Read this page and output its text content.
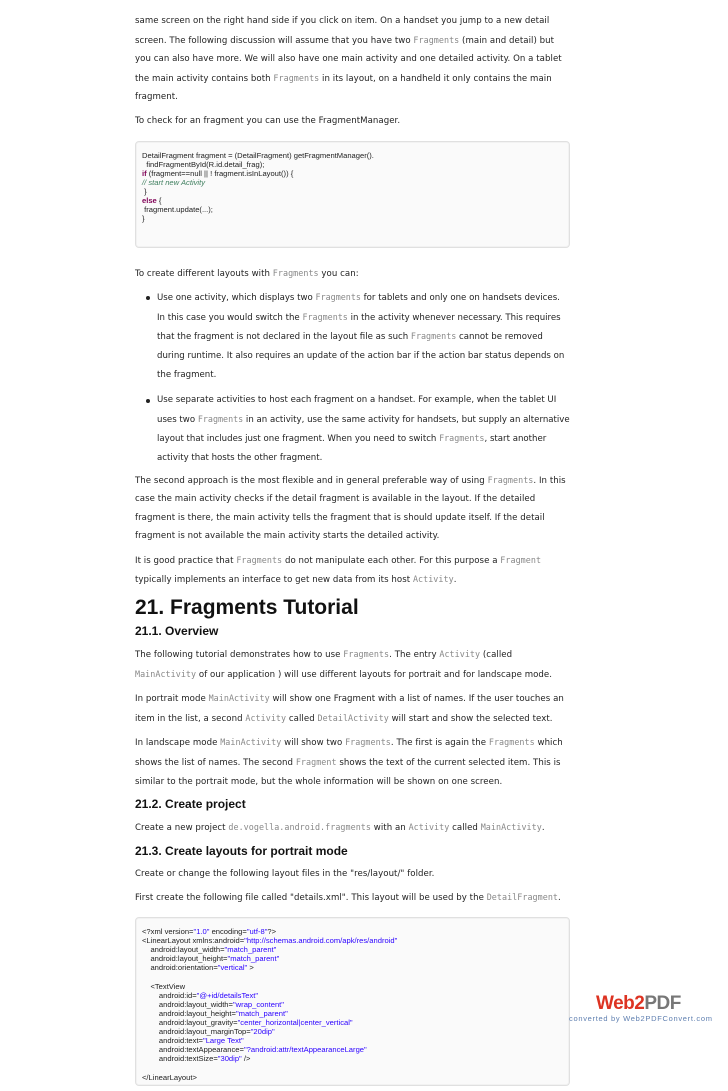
same screen on the right hand side if you click on item. On a handset you jump to a new detail screen. The following discussion will assume that you have two Fragments (main and detail) but you can also have more. We will also have one main activity and one detailed activity. On a tablet the main activity contains both Fragments in its layout, on a handheld it only contains the main fragment.

To check for an fragment you can use the FragmentManager.

DetailFragment fragment = (DetailFragment) getFragmentManager().
findFragmentById(R.id.detail_frag);
if (fragment==null || ! fragment.isInLayout()) {
// start new Activity
}
else {
fragment.update(...);
}

To create different layouts with Fragments you can:

Use one activity, which displays two Fragments for tablets and only one on handsets devices. In this case you would switch the Fragments in the activity whenever necessary. This requires that the fragment is not declared in the layout file as such Fragments cannot be removed during runtime. It also requires an update of the action bar if the action bar status depends on the fragment.
Use separate activities to host each fragment on a handset. For example, when the tablet UI uses two Fragments in an activity, use the same activity for handsets, but supply an alternative layout that includes just one fragment. When you need to switch Fragments, start another activity that hosts the other fragment.

The second approach is the most flexible and in general preferable way of using Fragments. In this case the main activity checks if the detail fragment is available in the layout. If the detailed fragment is there, the main activity tells the fragment that is should update itself. If the detail fragment is not available the main activity starts the detailed activity.

It is good practice that Fragments do not manipulate each other. For this purpose a Fragment typically implements an interface to get new data from its host Activity.

21. Fragments Tutorial
21.1. Overview

The following tutorial demonstrates how to use Fragments. The entry Activity (called MainActivity of our application ) will use different layouts for portrait and for landscape mode.

In portrait mode MainActivity will show one Fragment with a list of names. If the user touches an item in the list, a second Activity called DetailActivity will start and show the selected text.

In landscape mode MainActivity will show two Fragments. The first is again the Fragments which shows the list of names. The second Fragment shows the text of the current selected item. This is similar to the portrait mode, but the whole information will be shown on one screen.

21.2. Create project

Create a new project de.vogella.android.fragments with an Activity called MainActivity.

21.3. Create layouts for portrait mode

Create or change the following layout files in the "res/layout/" folder.

First create the following file called "details.xml". This layout will be used by the DetailFragment.

<?xml version="1.0" encoding="utf-8"?>
<LinearLayout xmlns:android="http://schemas.android.com/apk/res/android"
android:layout_width="match_parent"
android:layout_height="match_parent"
android:orientation="vertical" >

<TextView
android:id="@+id/detailsText"
android:layout_width="wrap_content"
android:layout_height="match_parent"
android:layout_gravity="center_horizontal|center_vertical"
android:layout_marginTop="20dip"
android:text="Large Text"
android:textAppearance="?android:attr/textAppearanceLarge"
android:textSize="30dip" />

</LinearLayout>
Web2PDF
converted by Web2PDFConvert.com
